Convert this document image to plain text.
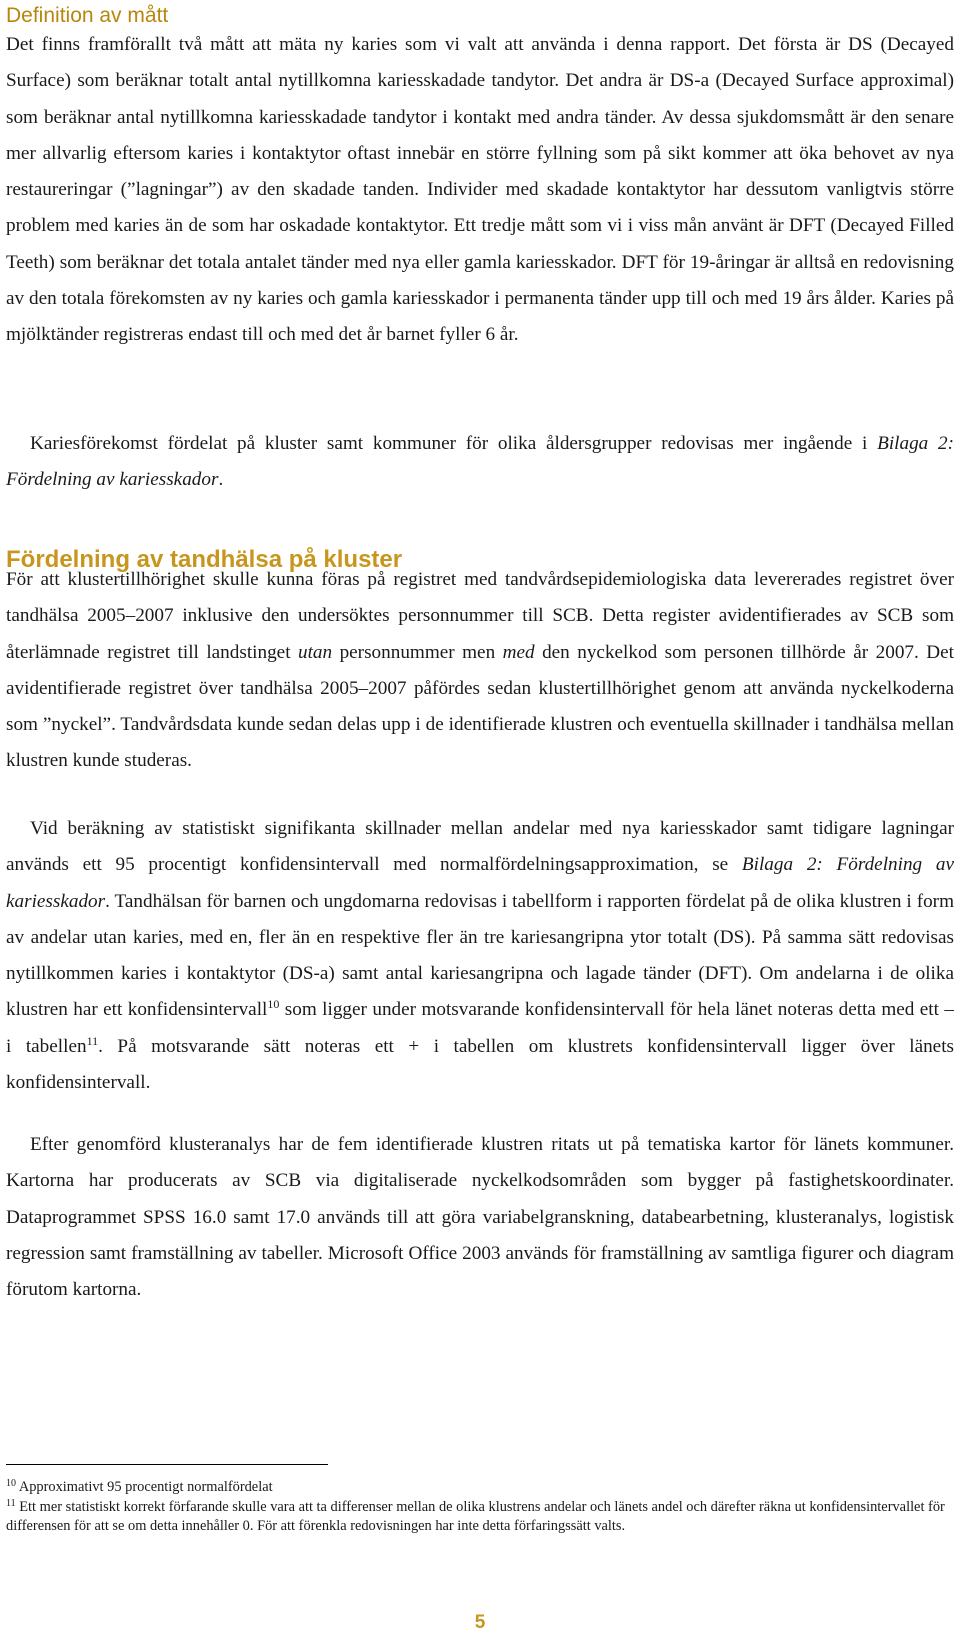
Definition av mått

Det finns framförallt två mått att mäta ny karies som vi valt att använda i denna rapport. Det första är DS (Decayed Surface) som beräknar totalt antal nytillkomna kariesskadade tandytor. Det andra är DS-a (Decayed Surface approximal) som beräknar antal nytillkomna kariesskadade tandytor i kontakt med andra tänder. Av dessa sjukdomsmått är den senare mer allvarlig eftersom karies i kontaktytor oftast innebär en större fyllning som på sikt kommer att öka behovet av nya restaureringar (”lagningar”) av den skadade tanden. Individer med skadade kontaktytor har dessutom vanligtvis större problem med karies än de som har oskadade kontaktytor. Ett tredje mått som vi i viss mån använt är DFT (Decayed Filled Teeth) som beräknar det totala antalet tänder med nya eller gamla kariesskador. DFT för 19-åringar är alltså en redovisning av den totala förekomsten av ny karies och gamla kariesskador i permanenta tänder upp till och med 19 års ålder. Karies på mjölktänder registreras endast till och med det år barnet fyller 6 år.

Kariesförekomst fördelat på kluster samt kommuner för olika åldersgrupper redovisas mer ingående i Bilaga 2: Fördelning av kariesskador.

Fördelning av tandhälsa på kluster

För att klustertillhörighet skulle kunna föras på registret med tandvårdsepidemiologiska data levererades registret över tandhälsa 2005–2007 inklusive den undersöktes personnummer till SCB. Detta register avidentifierades av SCB som återlämnade registret till landstinget utan personnummer men med den nyckelkod som personen tillhörde år 2007. Det avidentifierade registret över tandhälsa 2005–2007 påfördes sedan klustertillhörighet genom att använda nyckelkoderna som ”nyckel”. Tandvårdsdata kunde sedan delas upp i de identifierade klustren och eventuella skillnader i tandhälsa mellan klustren kunde studeras.

Vid beräkning av statistiskt signifikanta skillnader mellan andelar med nya kariesskador samt tidigare lagningar används ett 95 procentigt konfidensintervall med normalfördelningsapproximation, se Bilaga 2: Fördelning av kariesskador. Tandhälsan för barnen och ungdomarna redovisas i tabellform i rapporten fördelat på de olika klustren i form av andelar utan karies, med en, fler än en respektive fler än tre kariesangripna ytor totalt (DS). På samma sätt redovisas nytillkommen karies i kontaktytor (DS-a) samt antal kariesangripna och lagade tänder (DFT). Om andelarna i de olika klustren har ett konfidensintervall$^{10}$ som ligger under motsvarande konfidensintervall för hela länet noteras detta med ett – i tabellen$^{11}$. På motsvarande sätt noteras ett + i tabellen om klustrets konfidensintervall ligger över länets konfidensintervall.

Efter genomförd klusteranalys har de fem identifierade klustren ritats ut på tematiska kartor för länets kommuner. Kartorna har producerats av SCB via digitaliserade nyckelkodsområden som bygger på fastighetskoordinater. Dataprogrammet SPSS 16.0 samt 17.0 används till att göra variabelgranskning, databearbetning, klusteranalys, logistisk regression samt framställning av tabeller. Microsoft Office 2003 används för framställning av samtliga figurer och diagram förutom kartorna.

$^{10}$ Approximativt 95 procentigt normalfördelat

$^{11}$ Ett mer statistiskt korrekt förfarande skulle vara att ta differenser mellan de olika klustrens andelar och länets andel och därefter räkna ut konfidensintervallet för differensen för att se om detta innehåller 0. För att förenkla redovisningen har inte detta förfaringssätt valts.

5
